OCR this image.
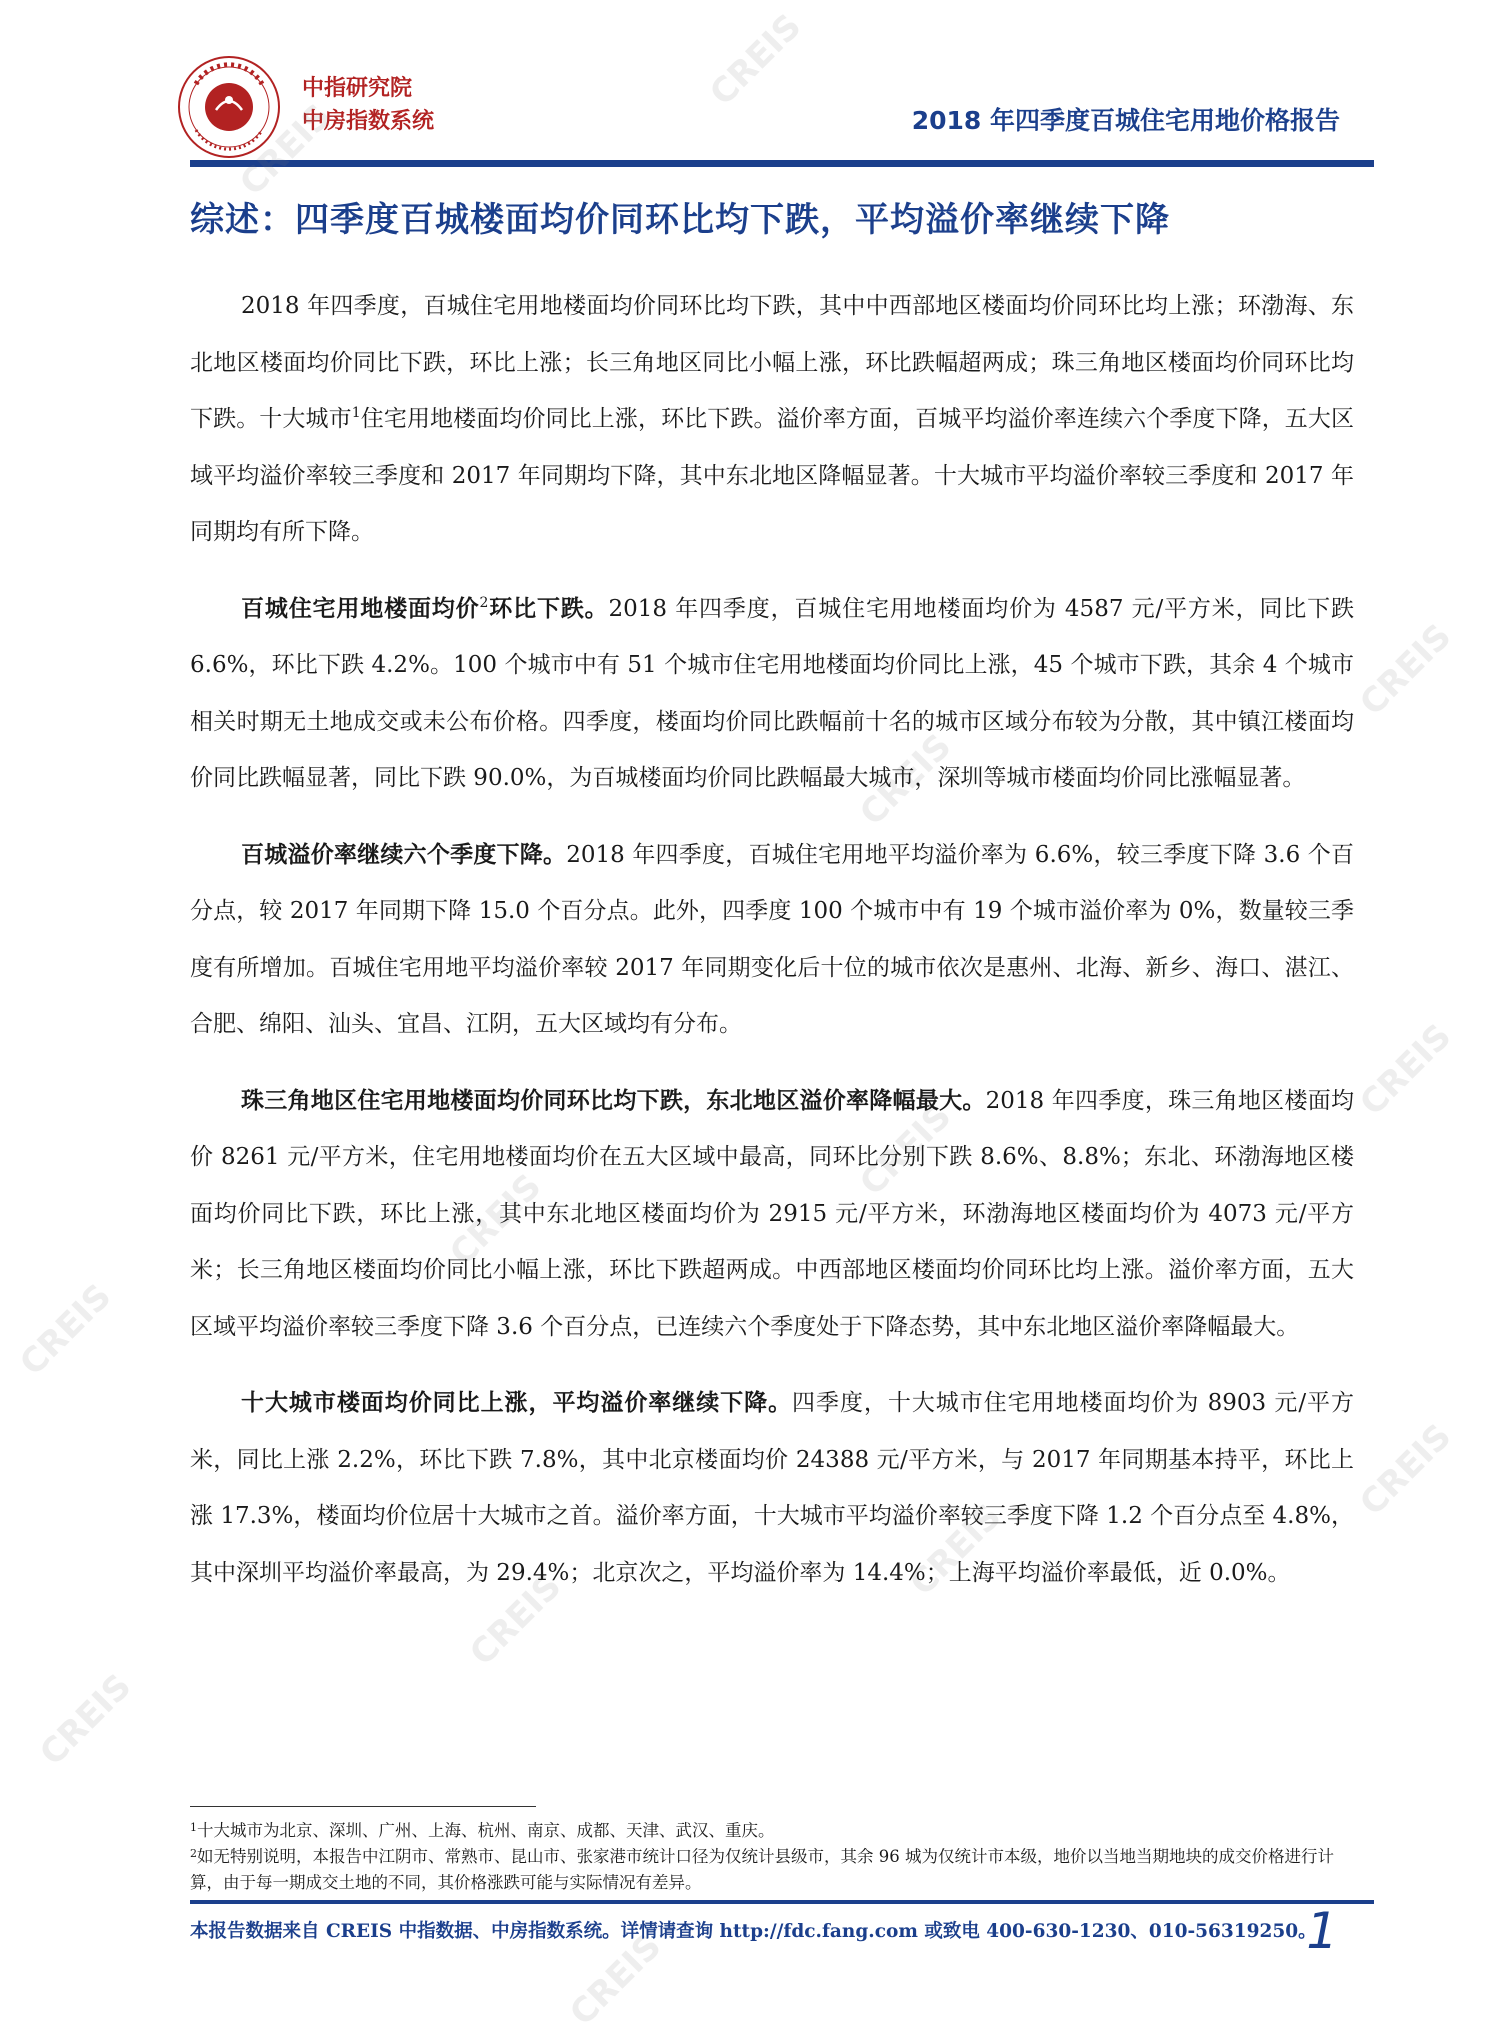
中指研究院
中房指数系统	2018 年四季度百城住宅用地价格报告
CREIS
CREIS
CREIS
CREIS
CREIS
CREIS
CREIS
CREIS
CREIS
CREIS
CREIS
CREIS
CREIS
综述：四季度百城楼面均价同环比均下跌，平均溢价率继续下降

2018 年四季度，百城住宅用地楼面均价同环比均下跌，其中中西部地区楼面均价同环比均上涨；环渤海、东北地区楼面均价同比下跌，环比上涨；长三角地区同比小幅上涨，环比跌幅超两成；珠三角地区楼面均价同环比均下跌。十大城市$^1$住宅用地楼面均价同比上涨，环比下跌。溢价率方面，百城平均溢价率连续六个季度下降，五大区域平均溢价率较三季度和 2017 年同期均下降，其中东北地区降幅显著。十大城市平均溢价率较三季度和 2017 年同期均有所下降。

百城住宅用地楼面均价$^2$环比下跌。2018 年四季度，百城住宅用地楼面均价为 4587 元/平方米，同比下跌 6.6%，环比下跌 4.2%。100 个城市中有 51 个城市住宅用地楼面均价同比上涨，45 个城市下跌，其余 4 个城市相关时期无土地成交或未公布价格。四季度，楼面均价同比跌幅前十名的城市区域分布较为分散，其中镇江楼面均价同比跌幅显著，同比下跌 90.0%，为百城楼面均价同比跌幅最大城市，深圳等城市楼面均价同比涨幅显著。

百城溢价率继续六个季度下降。2018 年四季度，百城住宅用地平均溢价率为 6.6%，较三季度下降 3.6 个百分点，较 2017 年同期下降 15.0 个百分点。此外，四季度 100 个城市中有 19 个城市溢价率为 0%，数量较三季度有所增加。百城住宅用地平均溢价率较 2017 年同期变化后十位的城市依次是惠州、北海、新乡、海口、湛江、合肥、绵阳、汕头、宜昌、江阴，五大区域均有分布。

珠三角地区住宅用地楼面均价同环比均下跌，东北地区溢价率降幅最大。2018 年四季度，珠三角地区楼面均价 8261 元/平方米，住宅用地楼面均价在五大区域中最高，同环比分别下跌 8.6%、8.8%；东北、环渤海地区楼面均价同比下跌，环比上涨，其中东北地区楼面均价为 2915 元/平方米，环渤海地区楼面均价为 4073 元/平方米；长三角地区楼面均价同比小幅上涨，环比下跌超两成。中西部地区楼面均价同环比均上涨。溢价率方面，五大区域平均溢价率较三季度下降 3.6 个百分点，已连续六个季度处于下降态势，其中东北地区溢价率降幅最大。

十大城市楼面均价同比上涨，平均溢价率继续下降。四季度，十大城市住宅用地楼面均价为 8903 元/平方米，同比上涨 2.2%，环比下跌 7.8%，其中北京楼面均价 24388 元/平方米，与 2017 年同期基本持平，环比上涨 17.3%，楼面均价位居十大城市之首。溢价率方面，十大城市平均溢价率较三季度下降 1.2 个百分点至 4.8%，其中深圳平均溢价率最高，为 29.4%；北京次之，平均溢价率为 14.4%；上海平均溢价率最低，近 0.0%。

$^1$十大城市为北京、深圳、广州、上海、杭州、南京、成都、天津、武汉、重庆。

$^2$如无特别说明，本报告中江阴市、常熟市、昆山市、张家港市统计口径为仅统计县级市，其余 96 城为仅统计市本级，地价以当地当期地块的成交价格进行计算，由于每一期成交土地的不同，其价格涨跌可能与实际情况有差异。

本报告数据来自 CREIS 中指数据、中房指数系统。详情请查询 http://fdc.fang.com 或致电 400-630-1230、010-56319250。
1
